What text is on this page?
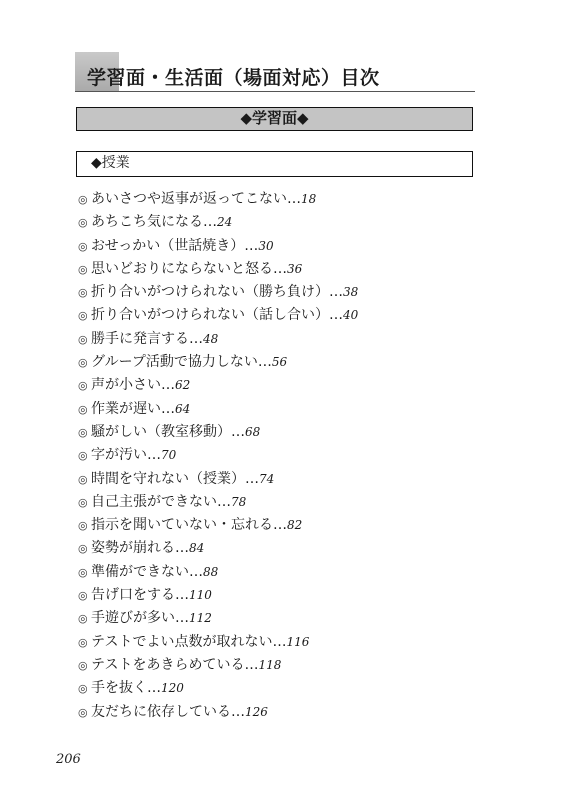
学習面・生活面（場面対応）目次
◆学習面◆
◆授業
◎ あいさつや返事が返ってこない…18
◎ あちこち気になる…24
◎ おせっかい（世話焼き）…30
◎ 思いどおりにならないと怒る…36
◎ 折り合いがつけられない（勝ち負け）…38
◎ 折り合いがつけられない（話し合い）…40
◎ 勝手に発言する…48
◎ グループ活動で協力しない…56
◎ 声が小さい…62
◎ 作業が遅い…64
◎ 騒がしい（教室移動）…68
◎ 字が汚い…70
◎ 時間を守れない（授業）…74
◎ 自己主張ができない…78
◎ 指示を聞いていない・忘れる…82
◎ 姿勢が崩れる…84
◎ 準備ができない…88
◎ 告げ口をする…110
◎ 手遊びが多い…112
◎ テストでよい点数が取れない…116
◎ テストをあきらめている…118
◎ 手を抜く…120
◎ 友だちに依存している…126
206
